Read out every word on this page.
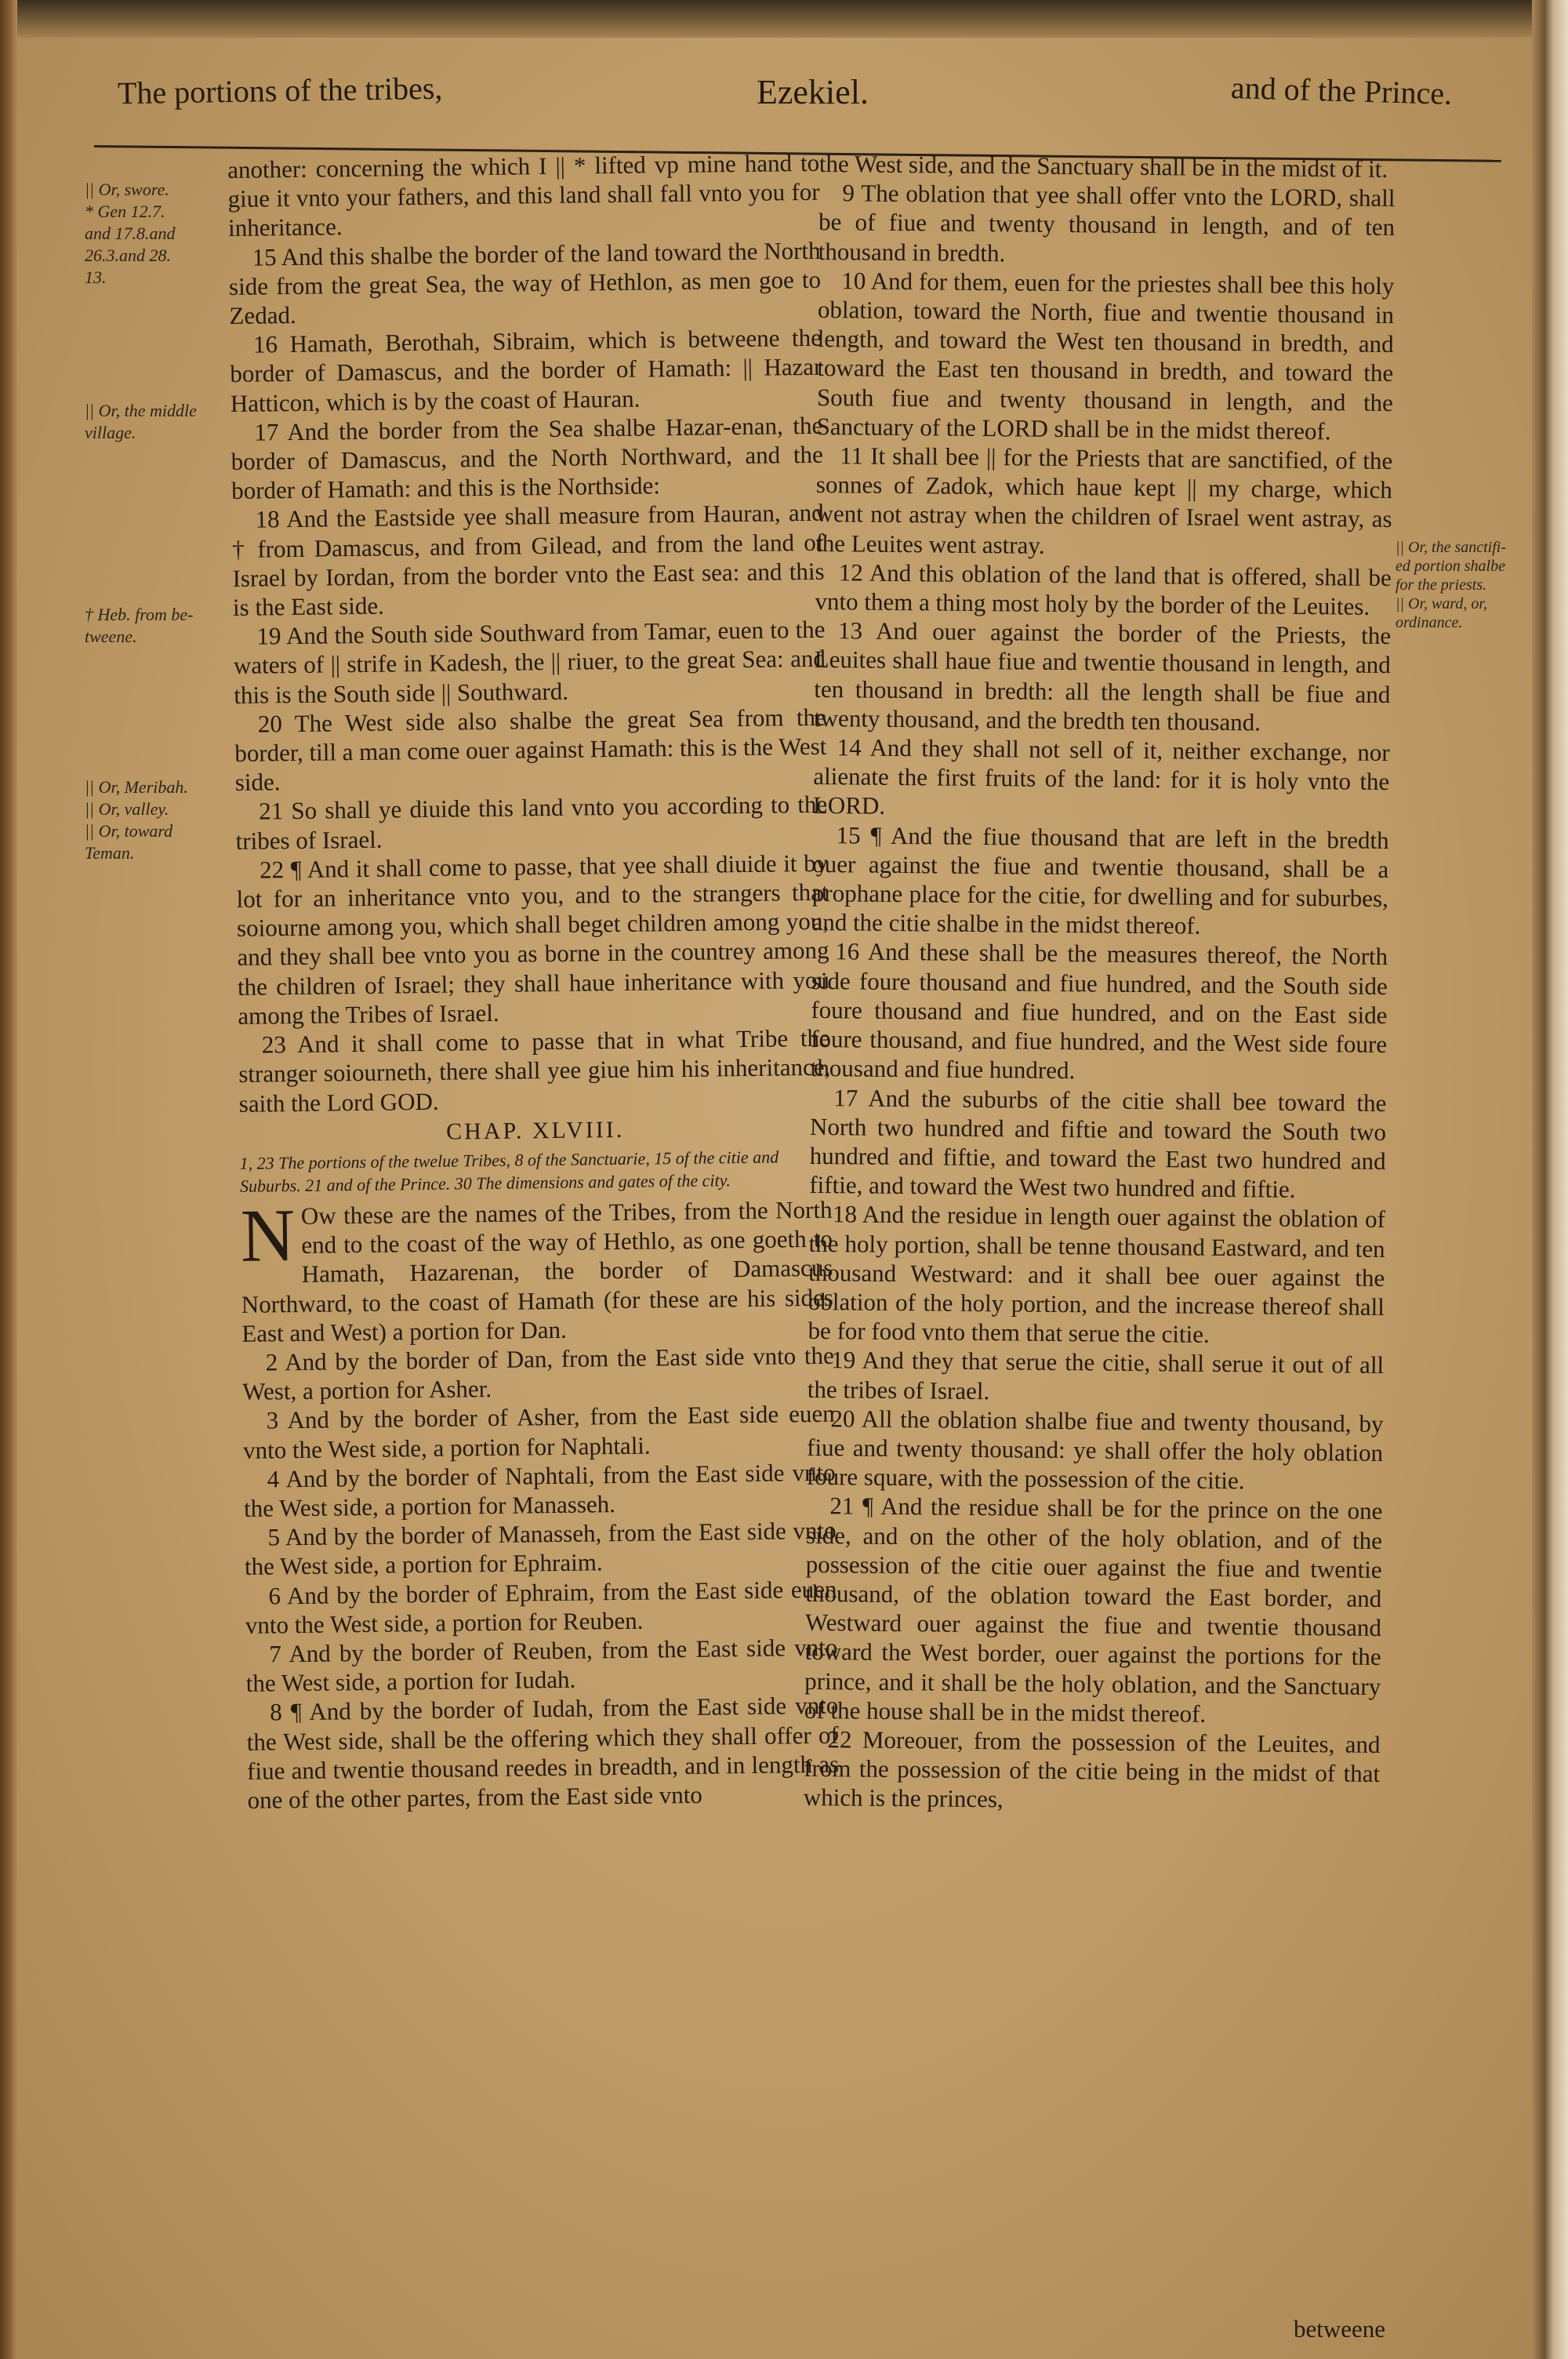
The portions of the tribes,	Ezekiel.	and of the Prince.
|| Or, swore.
* Gen 12.7.
and 17.8.and
26.3.and 28.
13.
|| Or, the middle
village.
† Heb. from be-
tweene.
|| Or, Meribah.
|| Or, valley.
|| Or, toward
Teman.
|| Or, the sanctifi-
ed portion shalbe
for the priests.
|| Or, ward, or,
ordinance.

another: concerning the which I || * lifted vp mine hand to giue it vnto your fathers, and this land shall fall vnto you for inheritance.

15 And this shalbe the border of the land toward the North side from the great Sea, the way of Hethlon, as men goe to Zedad.

16 Hamath, Berothah, Sibraim, which is betweene the border of Damascus, and the border of Hamath: || Hazar Hatticon, which is by the coast of Hauran.

17 And the border from the Sea shalbe Hazar-enan, the border of Damascus, and the North Northward, and the border of Hamath: and this is the Northside:

18 And the Eastside yee shall measure from Hauran, and † from Damascus, and from Gilead, and from the land of Israel by Iordan, from the border vnto the East sea: and this is the East side.

19 And the South side Southward from Tamar, euen to the waters of || strife in Kadesh, the || riuer, to the great Sea: and this is the South side || Southward.

20 The West side also shalbe the great Sea from the border, till a man come ouer against Hamath: this is the West side.

21 So shall ye diuide this land vnto you according to the tribes of Israel.

22 ¶ And it shall come to passe, that yee shall diuide it by lot for an inheritance vnto you, and to the strangers that soiourne among you, which shall beget children among you, and they shall bee vnto you as borne in the countrey among the children of Israel; they shall haue inheritance with you among the Tribes of Israel.

23 And it shall come to passe that in what Tribe the stranger soiourneth, there shall yee giue him his inheritance, saith the Lord GOD.

CHAP. XLVIII.

1, 23 The portions of the twelue Tribes, 8 of the Sanctuarie, 15 of the citie and Suburbs. 21 and of the Prince. 30 The dimensions and gates of the city.

N Ow these are the names of the Tribes, from the North end to the coast of the way of Hethlo, as one goeth to Hamath, Hazarenan, the border of Damascus Northward, to the coast of Hamath (for these are his sides East and West) a portion for Dan.

2 And by the border of Dan, from the East side vnto the West, a portion for Asher.

3 And by the border of Asher, from the East side euen vnto the West side, a portion for Naphtali.

4 And by the border of Naphtali, from the East side vnto the West side, a portion for Manasseh.

5 And by the border of Manasseh, from the East side vnto the West side, a portion for Ephraim.

6 And by the border of Ephraim, from the East side euen vnto the West side, a portion for Reuben.

7 And by the border of Reuben, from the East side vnto the West side, a portion for Iudah.

8 ¶ And by the border of Iudah, from the East side vnto the West side, shall be the offering which they shall offer of fiue and twentie thousand reedes in breadth, and in length as one of the other partes, from the East side vnto

the West side, and the Sanctuary shall be in the midst of it.

9 The oblation that yee shall offer vnto the LORD, shall be of fiue and twenty thousand in length, and of ten thousand in bredth.

10 And for them, euen for the priestes shall bee this holy oblation, toward the North, fiue and twentie thousand in length, and toward the West ten thousand in bredth, and toward the East ten thousand in bredth, and toward the South fiue and twenty thousand in length, and the Sanctuary of the LORD shall be in the midst thereof.

11 It shall bee || for the Priests that are sanctified, of the sonnes of Zadok, which haue kept || my charge, which went not astray when the children of Israel went astray, as the Leuites went astray.

12 And this oblation of the land that is offered, shall be vnto them a thing most holy by the border of the Leuites.

13 And ouer against the border of the Priests, the Leuites shall haue fiue and twentie thousand in length, and ten thousand in bredth: all the length shall be fiue and twenty thousand, and the bredth ten thousand.

14 And they shall not sell of it, neither exchange, nor alienate the first fruits of the land: for it is holy vnto the LORD.

15 ¶ And the fiue thousand that are left in the bredth ouer against the fiue and twentie thousand, shall be a prophane place for the citie, for dwelling and for suburbes, and the citie shalbe in the midst thereof.

16 And these shall be the measures thereof, the North side foure thousand and fiue hundred, and the South side foure thousand and fiue hundred, and on the East side foure thousand, and fiue hundred, and the West side foure thousand and fiue hundred.

17 And the suburbs of the citie shall bee toward the North two hundred and fiftie and toward the South two hundred and fiftie, and toward the East two hundred and fiftie, and toward the West two hundred and fiftie.

18 And the residue in length ouer against the oblation of the holy portion, shall be tenne thousand Eastward, and ten thousand Westward: and it shall bee ouer against the oblation of the holy portion, and the increase thereof shall be for food vnto them that serue the citie.

19 And they that serue the citie, shall serue it out of all the tribes of Israel.

20 All the oblation shalbe fiue and twenty thousand, by fiue and twenty thousand: ye shall offer the holy oblation foure square, with the possession of the citie.

21 ¶ And the residue shall be for the prince on the one side, and on the other of the holy oblation, and of the possession of the citie ouer against the fiue and twentie thousand, of the oblation toward the East border, and Westward ouer against the fiue and twentie thousand toward the West border, ouer against the portions for the prince, and it shall be the holy oblation, and the Sanctuary of the house shall be in the midst thereof.

22 Moreouer, from the possession of the Leuites, and from the possession of the citie being in the midst of that which is the princes,

betweene
